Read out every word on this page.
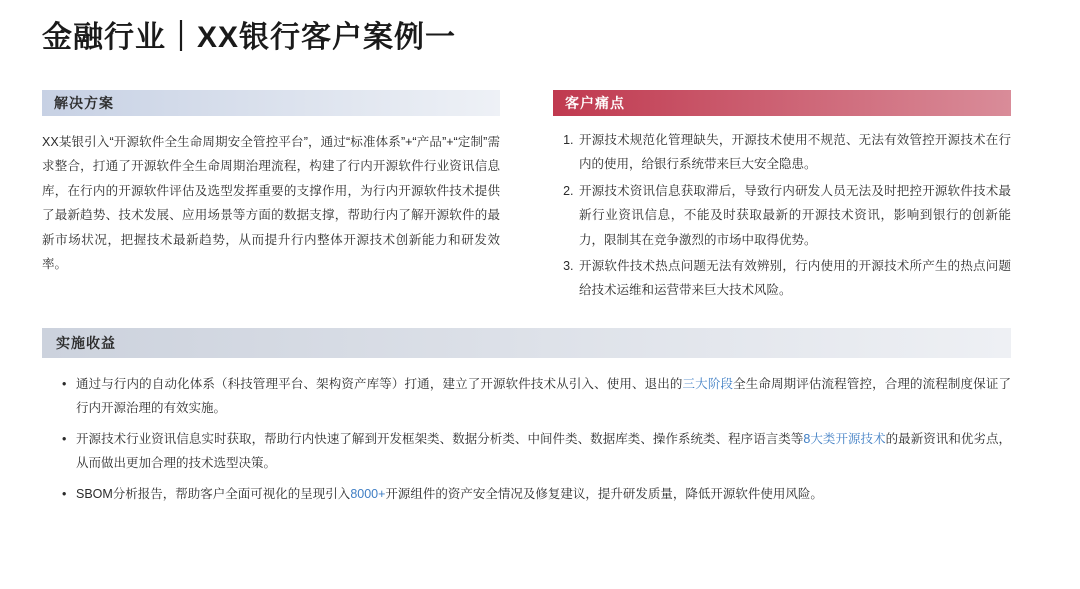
金融行业｜XX银行客户案例一
解决方案
XX某银引入“开源软件全生命周期安全管控平台”，通过“标准体系”+“产品”+“定制”需求整合，打通了开源软件全生命周期治理流程，构建了行内开源软件行业资讯信息库，在行内的开源软件评估及选型发挥重要的支撑作用，为行内开源软件技术提供了最新趋势、技术发展、应用场景等方面的数据支撑，帮助行内了解开源软件的最新市场状况，把握技术最新趋势，从而提升行内整体开源技术创新能力和研发效率。
客户痛点
1. 开源技术规范化管理缺失，开源技术使用不规范、无法有效管控开源技术在行内的使用，给银行系统带来巨大安全隐患。
2. 开源技术资讯信息获取滞后，导致行内研发人员无法及时把控开源软件技术最新行业资讯信息，不能及时获取最新的开源技术资讯，影响到银行的创新能力，限制其在竞争激烈的市场中取得优势。
3. 开源软件技术热点问题无法有效辨别，行内使用的开源技术所产生的热点问题给技术运维和运营带来巨大技术风险。
实施收益
• 通过与行内的自动化体系（科技管理平台、架构资产库等）打通，建立了开源软件技术从引入、使用、退出的三大阶段全生命周期评估流程管控，合理的流程制度保证了行内开源治理的有效实施。
• 开源技术行业资讯信息实时获取，帮助行内快速了解到开发框架类、数据分析类、中间件类、数据库类、操作系统类、程序语言类等8大类开源技术的最新资讯和优劣点，从而做出更加合理的技术选型决策。
• SBOM分析报告，帮助客户全面可视化的呈现引入8000+开源组件的资产安全情况及修复建议，提升研发质量，降低开源软件使用风险。
